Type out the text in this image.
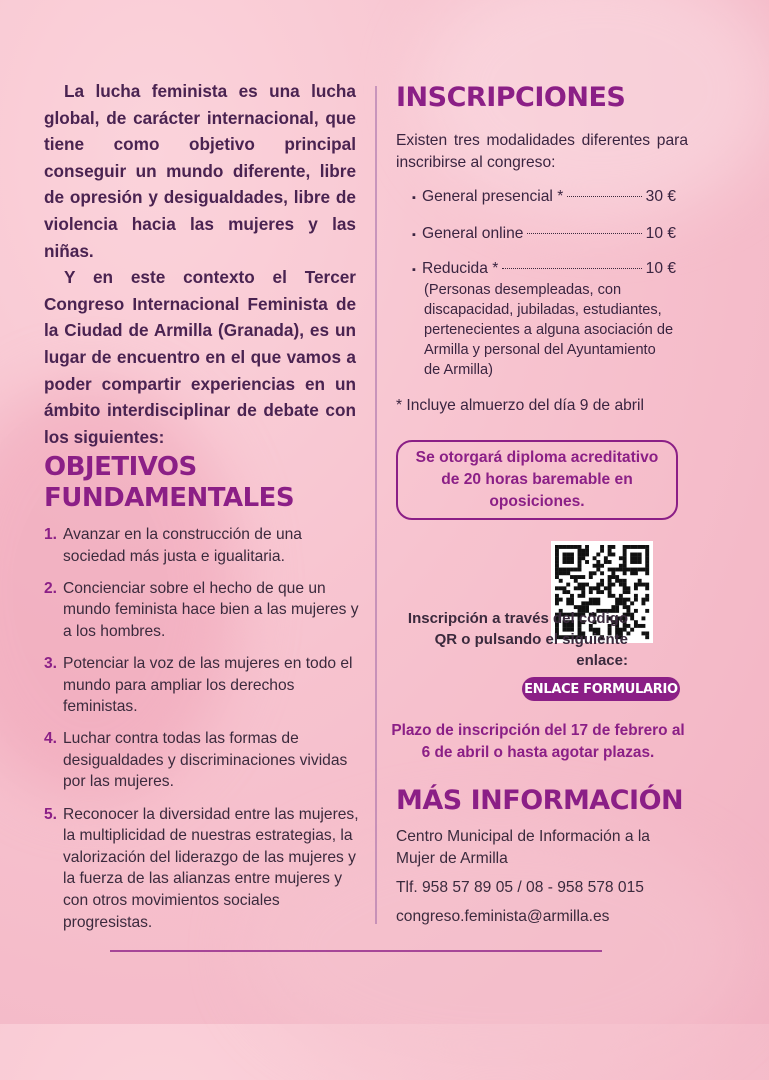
La lucha feminista es una lucha global, de carácter internacional, que tiene como objetivo principal conseguir un mundo diferente, libre de opresión y desigualdades, libre de violencia hacia las mujeres y las niñas.

Y en este contexto el Tercer Congreso Internacional Feminista de la Ciudad de Armilla (Granada), es un lugar de encuentro en el que vamos a poder compartir experiencias en un ámbito interdisciplinar de debate con los siguientes:

OBJETIVOS
FUNDAMENTALES
1. Avanzar en la construcción de una sociedad más justa e igualitaria.
2. Concienciar sobre el hecho de que un mundo feminista hace bien a las mujeres y a los hombres.
3. Potenciar la voz de las mujeres en todo el mundo para ampliar los derechos feministas.
4. Luchar contra todas las formas de desigualdades y discriminaciones vividas por las mujeres.
5. Reconocer la diversidad entre las mujeres, la multiplicidad de nuestras estrategias, la valorización del liderazgo de las mujeres y la fuerza de las alianzas entre mujeres y con otros movimientos sociales progresistas.
INSCRIPCIONES
Existen tres modalidades diferentes para inscribirse al congreso:
▪ General presencial *	30 €
▪ General online	10 €
▪ Reducida *	10 €
(Personas desempleadas, con discapacidad, jubiladas, estudiantes, pertenecientes a alguna asociación de Armilla y personal del Ayuntamiento de Armilla)
* Incluye almuerzo del día 9 de abril
Se otorgará diploma acreditativo de 20 horas baremable en oposiciones.
Inscripción a través del código QR o pulsando el siguiente enlace:
ENLACE FORMULARIO
Plazo de inscripción del 17 de febrero al 6 de abril o hasta agotar plazas.
MÁS INFORMACIÓN
Centro Municipal de Información a la Mujer de Armilla
Tlf. 958 57 89 05 / 08 - 958 578 015
congreso.feminista@armilla.es
